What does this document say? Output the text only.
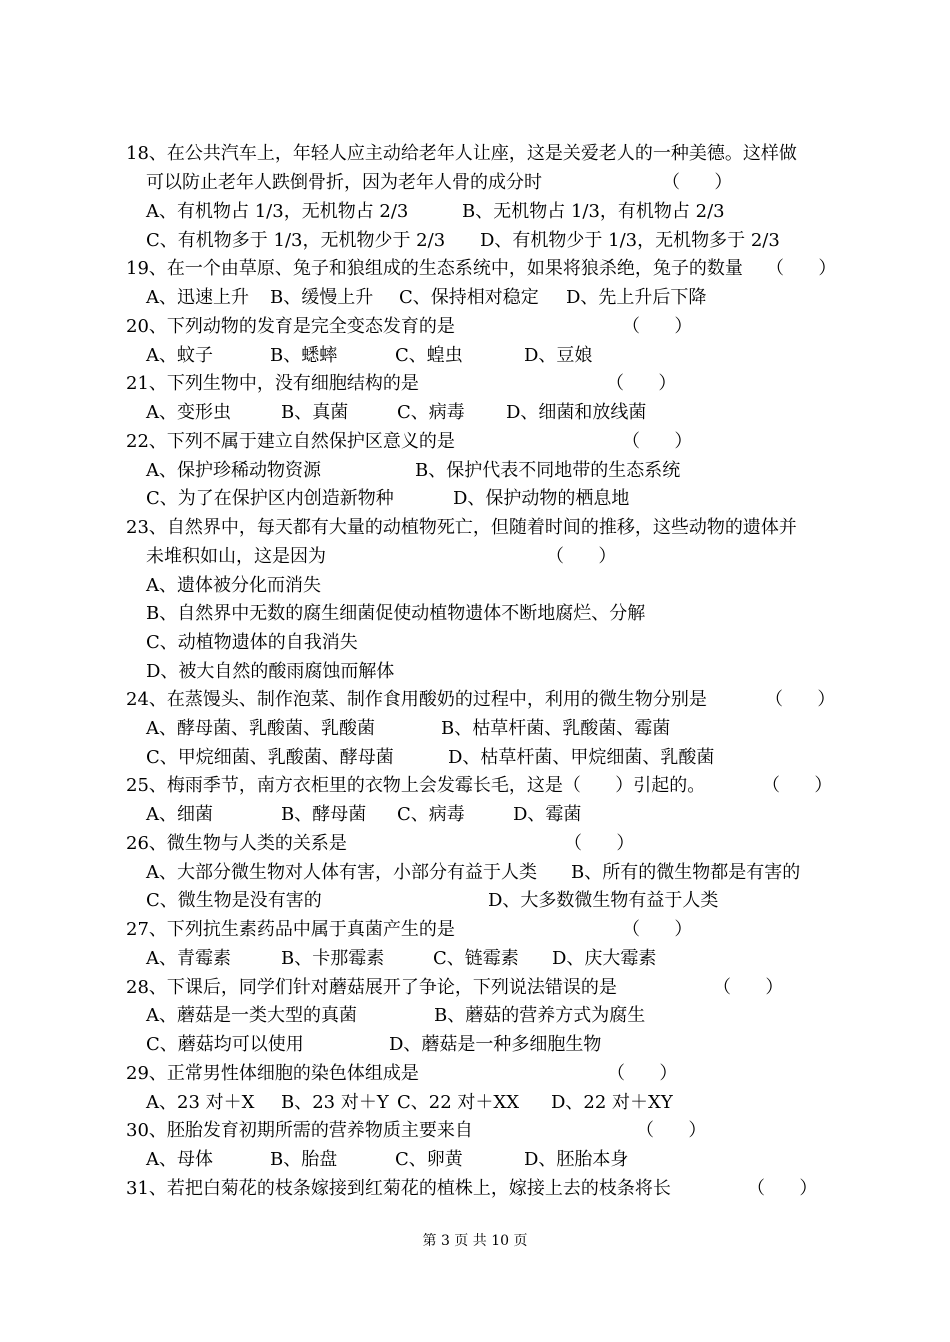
18、在公共汽车上，年轻人应主动给老年人让座，这是关爱老人的一种美德。这样做
可以防止老年人跌倒骨折，因为老年人骨的成分时	（      ）
A、有机物占 1/3，无机物占 2/3	B、无机物占 1/3，有机物占 2/3
C、有机物多于 1/3，无机物少于 2/3 D、有机物少于 1/3，无机物多于 2/3
19、在一个由草原、兔子和狼组成的生态系统中，如果将狼杀绝，兔子的数量 （      ）
A、迅速上升 B、缓慢上升 C、保持相对稳定 D、先上升后下降
20、下列动物的发育是完全变态发育的是	（      ）
A、蚊子	B、蟋蟀	C、蝗虫	D、豆娘
21、下列生物中，没有细胞结构的是	（      ）
A、变形虫	B、真菌	C、病毒 D、细菌和放线菌
22、下列不属于建立自然保护区意义的是	（      ）
A、保护珍稀动物资源	B、保护代表不同地带的生态系统
C、为了在保护区内创造新物种	D、保护动物的栖息地
23、自然界中，每天都有大量的动植物死亡，但随着时间的推移，这些动物的遗体并
未堆积如山，这是因为	（      ）
A、遗体被分化而消失
B、自然界中无数的腐生细菌促使动植物遗体不断地腐烂、分解
C、动植物遗体的自我消失
D、被大自然的酸雨腐蚀而解体
24、在蒸馒头、制作泡菜、制作食用酸奶的过程中，利用的微生物分别是	（      ）
A、酵母菌、乳酸菌、乳酸菌	B、枯草杆菌、乳酸菌、霉菌
C、甲烷细菌、乳酸菌、酵母菌	D、枯草杆菌、甲烷细菌、乳酸菌
25、梅雨季节，南方衣柜里的衣物上会发霉长毛，这是（      ）引起的。	（      ）
A、细菌	B、酵母菌 C、病毒	D、霉菌
26、微生物与人类的关系是	（      ）
A、大部分微生物对人体有害，小部分有益于人类 B、所有的微生物都是有害的
C、微生物是没有害的	D、大多数微生物有益于人类
27、下列抗生素药品中属于真菌产生的是	（      ）
A、青霉素	B、卡那霉素	C、链霉素 D、庆大霉素
28、下课后，同学们针对蘑菇展开了争论，下列说法错误的是	（      ）
A、蘑菇是一类大型的真菌	B、蘑菇的营养方式为腐生
C、蘑菇均可以使用	D、蘑菇是一种多细胞生物
29、正常男性体细胞的染色体组成是	（      ）
A、23 对＋X B、23 对＋Y C、22 对＋XX D、22 对＋XY
30、胚胎发育初期所需的营养物质主要来自	（      ）
A、母体	B、胎盘	C、卵黄	D、胚胎本身
31、若把白菊花的枝条嫁接到红菊花的植株上，嫁接上去的枝条将长	（      ）
第 3 页 共 10 页
